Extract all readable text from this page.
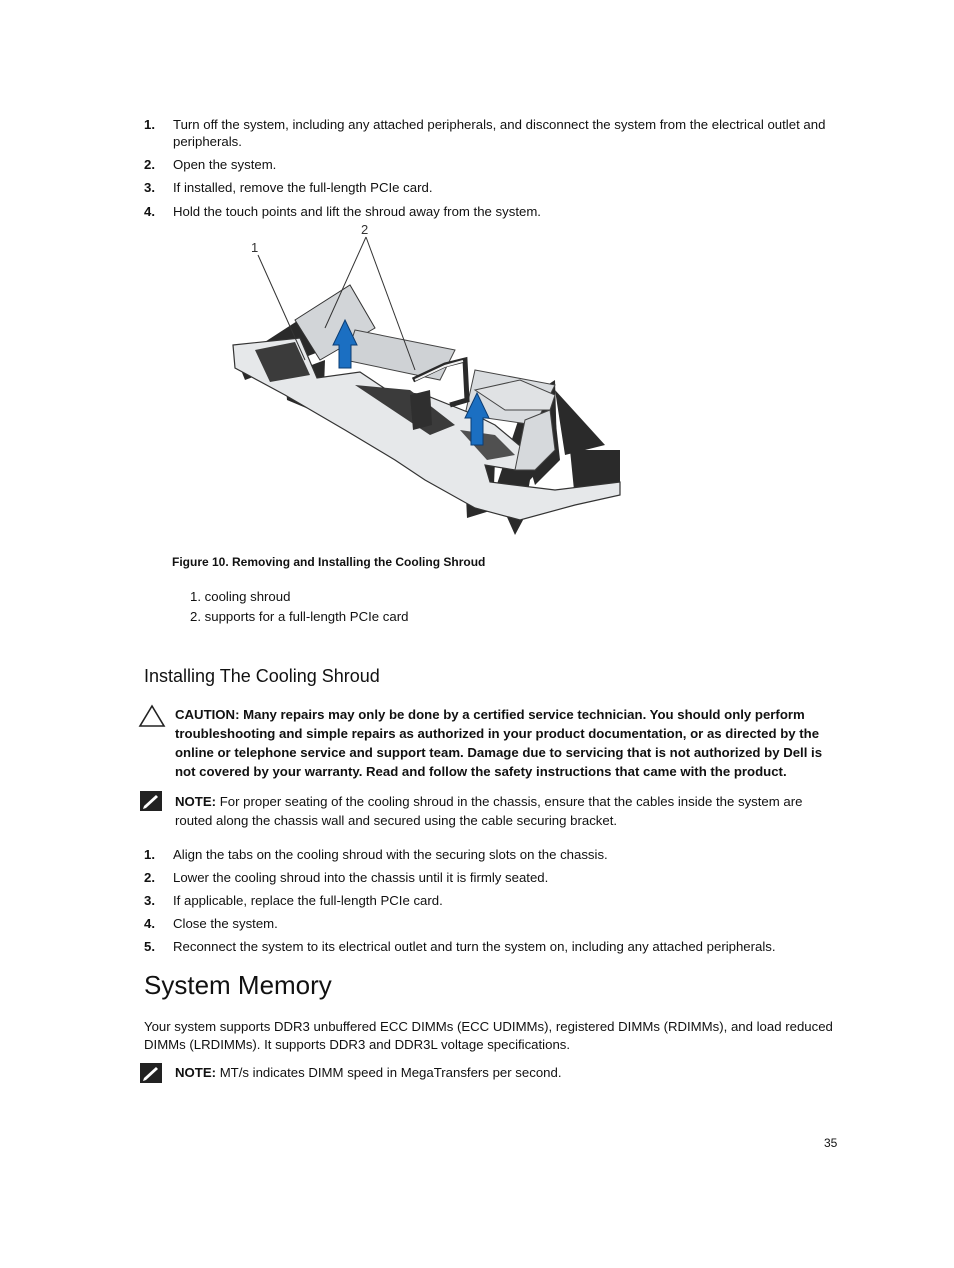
1. Turn off the system, including any attached peripherals, and disconnect the system from the electrical outlet and peripherals.
2. Open the system.
3. If installed, remove the full-length PCIe card.
4. Hold the touch points and lift the shroud away from the system.
1
2
Figure 10. Removing and Installing the Cooling Shroud
1. cooling shroud
2. supports for a full-length PCIe card
Installing The Cooling Shroud
CAUTION: Many repairs may only be done by a certified service technician. You should only perform troubleshooting and simple repairs as authorized in your product documentation, or as directed by the online or telephone service and support team. Damage due to servicing that is not authorized by Dell is not covered by your warranty. Read and follow the safety instructions that came with the product.
NOTE: For proper seating of the cooling shroud in the chassis, ensure that the cables inside the system are routed along the chassis wall and secured using the cable securing bracket.
1. Align the tabs on the cooling shroud with the securing slots on the chassis.
2. Lower the cooling shroud into the chassis until it is firmly seated.
3. If applicable, replace the full-length PCIe card.
4. Close the system.
5. Reconnect the system to its electrical outlet and turn the system on, including any attached peripherals.
System Memory
Your system supports DDR3 unbuffered ECC DIMMs (ECC UDIMMs), registered DIMMs (RDIMMs), and load reduced DIMMs (LRDIMMs). It supports DDR3 and DDR3L voltage specifications.
NOTE: MT/s indicates DIMM speed in MegaTransfers per second.
35
